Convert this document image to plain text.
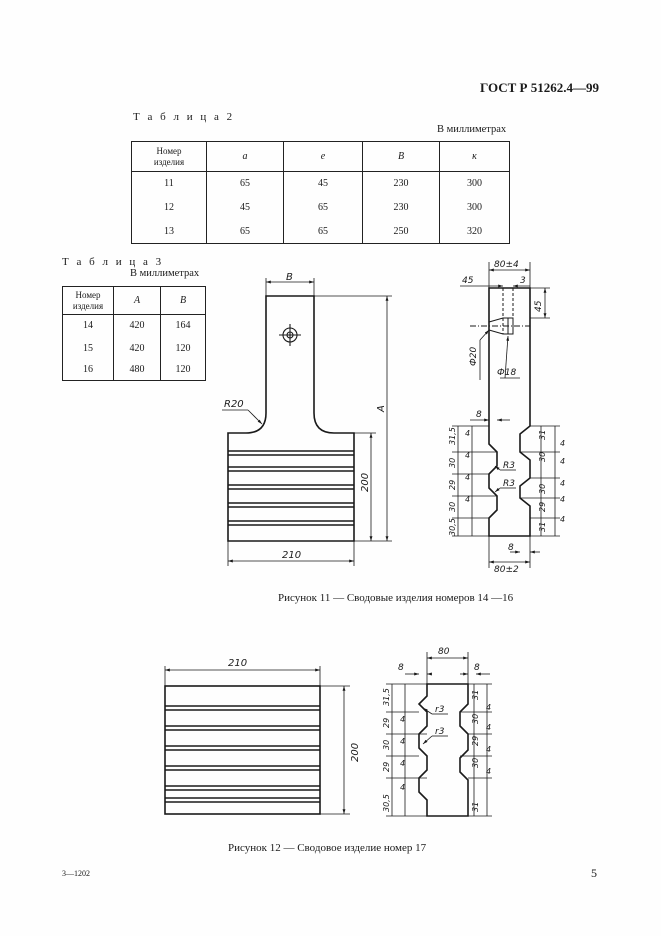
ГОСТ Р 51262.4—99
Т а б л и ц а 2
В миллиметрах
Номер
изделия	a	e	B	к
11	65	45	230	300
12	45	65	230	300
13	65	65	250	320
Т а б л и ц а 3
В миллиметрах
Номер
изделия	A	B
14	420	164
15	420	120
16	480	120
B
R20	A
200
210
80±4
45	3
45
Ф20
Ф18
8
31,5
30
29
30
30,5
4
4
4
4
31
30
30
29
31
4
4
4
4
4
R3
R3
8
80±2
210
200
80
8	8
31,5
29
30
29
30,5
4
4
4
4
31
30
29
30
31
4
4
4
4
r3
r3
Рисунок 11 — Сводовые изделия номеров 14 —16
Рисунок 12 — Сводовое изделие номер 17
3—1202	5
